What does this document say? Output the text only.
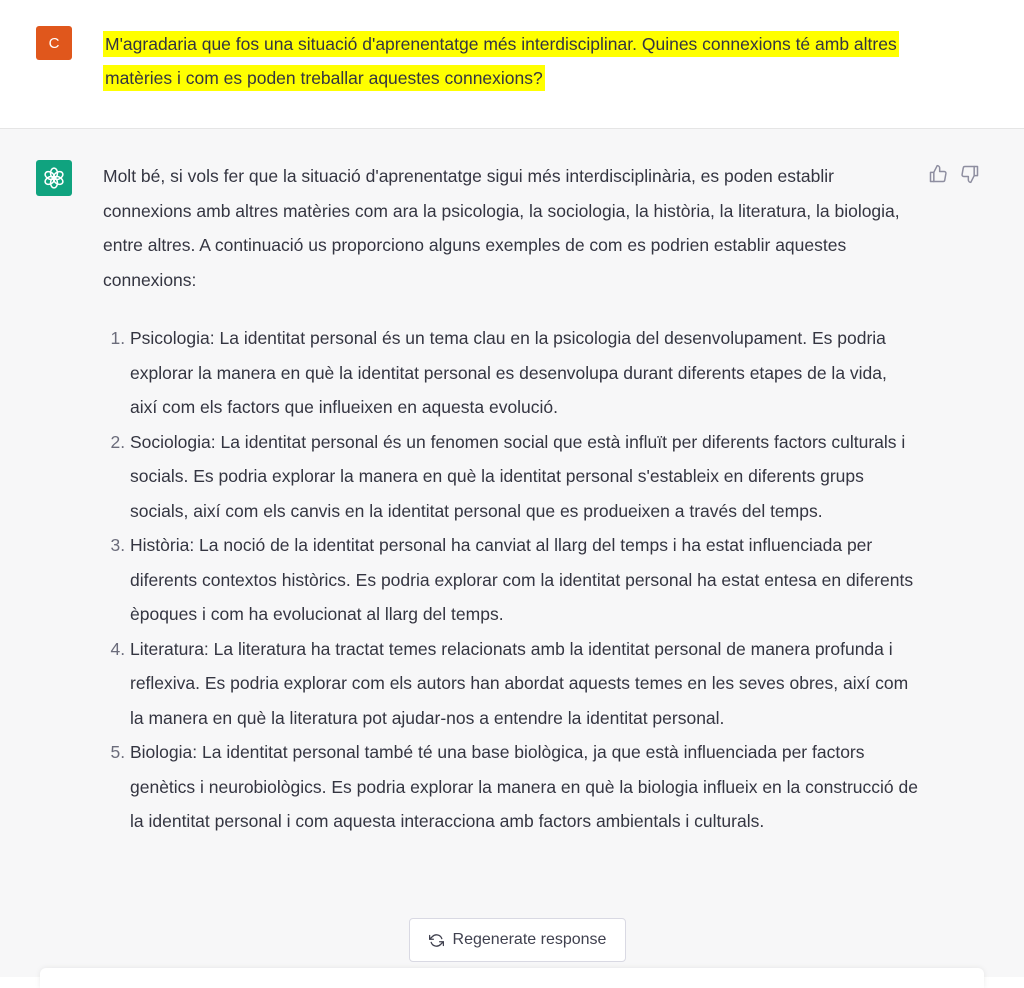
C	M'agradaria que fos una situació d'aprenentatge més interdisciplinar. Quines connexions té amb altres matèries i com es poden treballar aquestes connexions?

Molt bé, si vols fer que la situació d'aprenentatge sigui més interdisciplinària, es poden establir connexions amb altres matèries com ara la psicologia, la sociologia, la història, la literatura, la biologia, entre altres. A continuació us proporciono alguns exemples de com es podrien establir aquestes connexions:

1. Psicologia: La identitat personal és un tema clau en la psicologia del desenvolupament. Es podria explorar la manera en què la identitat personal es desenvolupa durant diferents etapes de la vida, així com els factors que influeixen en aquesta evolució.
2. Sociologia: La identitat personal és un fenomen social que està influït per diferents factors culturals i socials. Es podria explorar la manera en què la identitat personal s'estableix en diferents grups socials, així com els canvis en la identitat personal que es produeixen a través del temps.
3. Història: La noció de la identitat personal ha canviat al llarg del temps i ha estat influenciada per diferents contextos històrics. Es podria explorar com la identitat personal ha estat entesa en diferents èpoques i com ha evolucionat al llarg del temps.
4. Literatura: La literatura ha tractat temes relacionats amb la identitat personal de manera profunda i reflexiva. Es podria explorar com els autors han abordat aquests temes en les seves obres, així com la manera en què la literatura pot ajudar-nos a entendre la identitat personal.
5. Biologia: La identitat personal també té una base biològica, ja que està influenciada per factors genètics i neurobiològics. Es podria explorar la manera en què la biologia influeix en la construcció de la identitat personal i com aquesta interacciona amb factors ambientals i culturals.
Regenerate response
